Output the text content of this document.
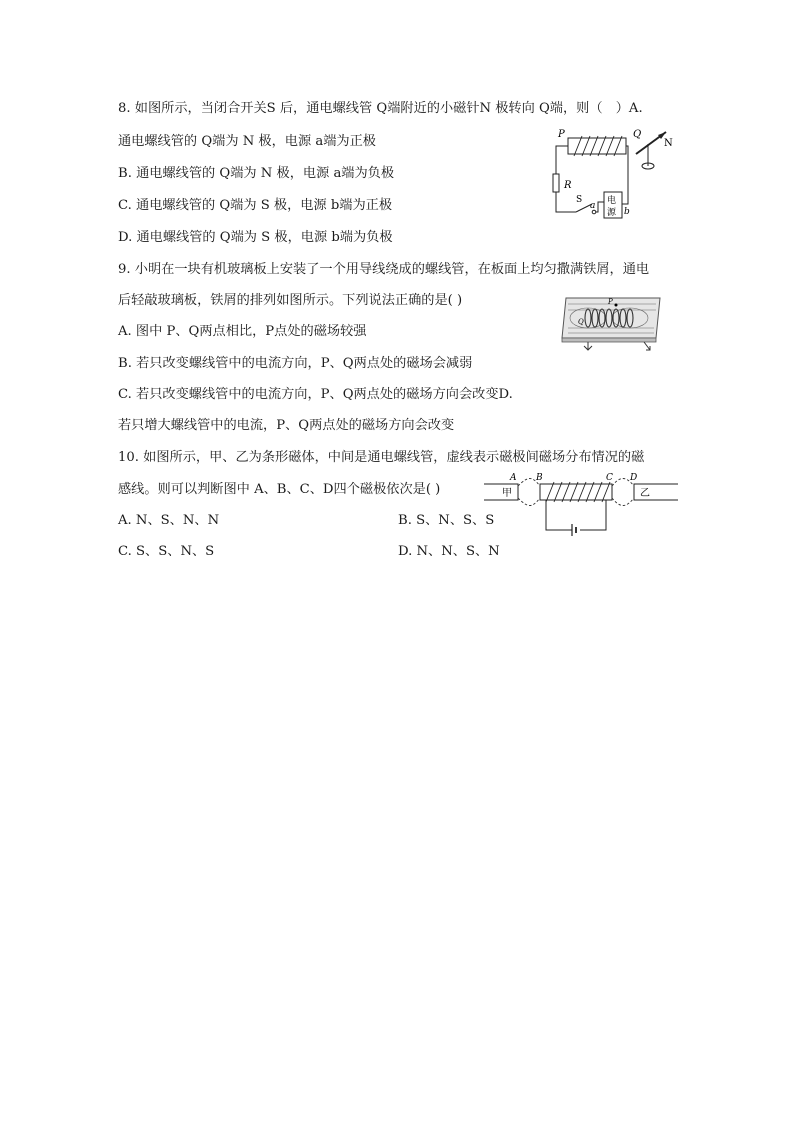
8. 如图所示，当闭合开关S 后，通电螺线管 Q端附近的小磁针N 极转向 Q端，则（　）A.
通电螺线管的 Q端为 N 极，电源 a端为正极
B. 通电螺线管的 Q端为 N 极，电源 a端为负极
C. 通电螺线管的 Q端为 S 极，电源 b端为正极
D. 通电螺线管的 Q端为 S 极，电源 b端为负极
P	Q
N
R
S
a
b
电
源
9. 小明在一块有机玻璃板上安装了一个用导线绕成的螺线管，在板面上均匀撒满铁屑，通电
后轻敲玻璃板，铁屑的排列如图所示。下列说法正确的是( )
A. 图中 P、Q两点相比，P点处的磁场较强
B. 若只改变螺线管中的电流方向，P、Q两点处的磁场会减弱
C. 若只改变螺线管中的电流方向，P、Q两点处的磁场方向会改变D.
若只增大螺线管中的电流，P、Q两点处的磁场方向会改变
P
Q
10. 如图所示，甲、乙为条形磁体，中间是通电螺线管，虚线表示磁极间磁场分布情况的磁
感线。则可以判断图中 A、B、C、D四个磁极依次是( )
A. N、S、N、N	B. S、N、S、S
C. S、S、N、S	D. N、N、S、N
A B	C D
甲	乙
